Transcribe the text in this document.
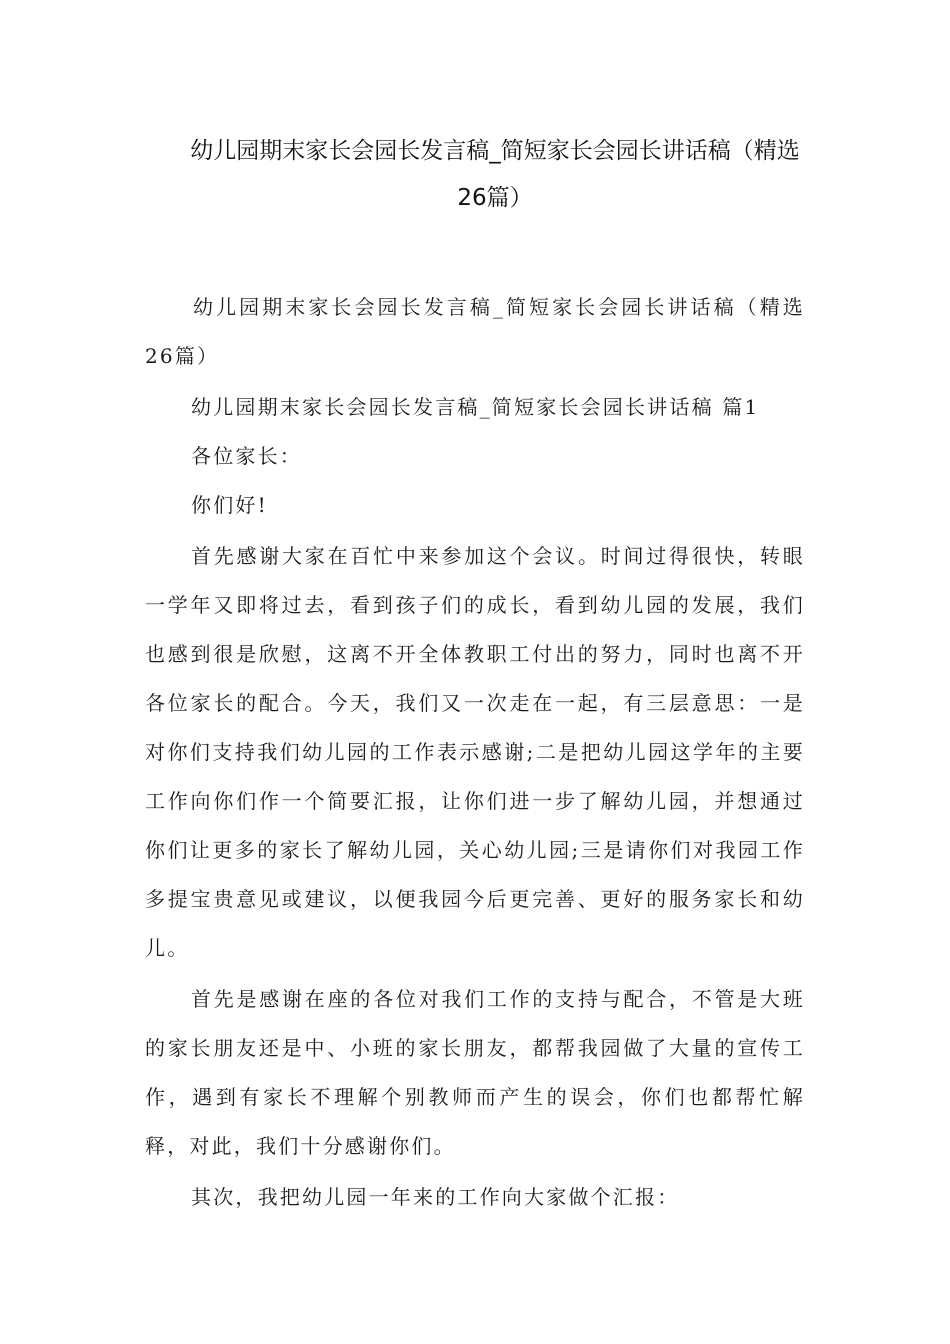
幼儿园期末家长会园长发言稿_简短家长会园长讲话稿（精选26篇）

幼儿园期末家长会园长发言稿_简短家长会园长讲话稿（精选26篇）

幼儿园期末家长会园长发言稿_简短家长会园长讲话稿 篇1

各位家长：

你们好!

首先感谢大家在百忙中来参加这个会议。时间过得很快，转眼一学年又即将过去，看到孩子们的成长，看到幼儿园的发展，我们也感到很是欣慰，这离不开全体教职工付出的努力，同时也离不开各位家长的配合。今天，我们又一次走在一起，有三层意思：一是对你们支持我们幼儿园的工作表示感谢;二是把幼儿园这学年的主要工作向你们作一个简要汇报，让你们进一步了解幼儿园，并想通过你们让更多的家长了解幼儿园，关心幼儿园;三是请你们对我园工作多提宝贵意见或建议，以便我园今后更完善、更好的服务家长和幼儿。

首先是感谢在座的各位对我们工作的支持与配合，不管是大班的家长朋友还是中、小班的家长朋友，都帮我园做了大量的宣传工作，遇到有家长不理解个别教师而产生的误会，你们也都帮忙解释，对此，我们十分感谢你们。

其次，我把幼儿园一年来的工作向大家做个汇报：
